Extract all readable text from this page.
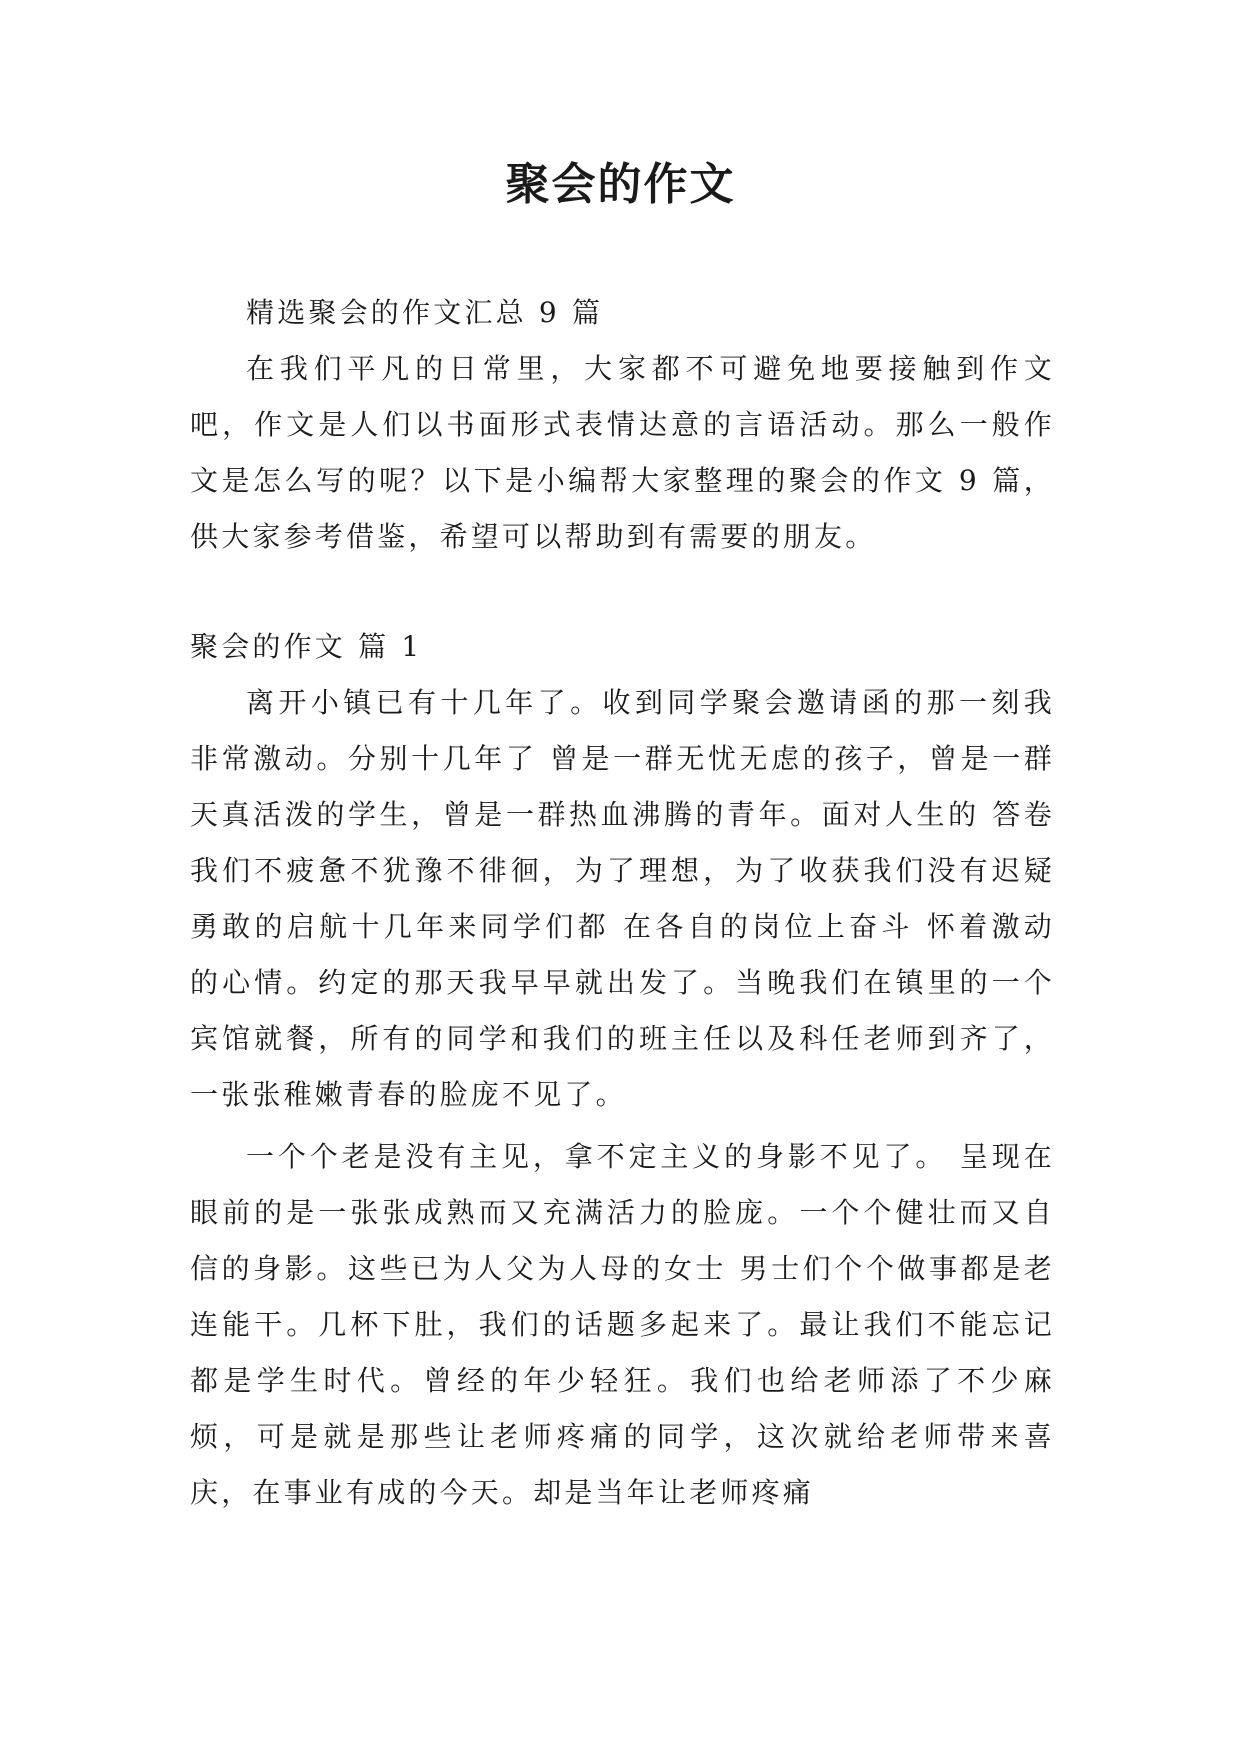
聚会的作文

精选聚会的作文汇总 9 篇

在我们平凡的日常里，大家都不可避免地要接触到作文吧，作文是人们以书面形式表情达意的言语活动。那么一般作文是怎么写的呢？以下是小编帮大家整理的聚会的作文 9 篇，供大家参考借鉴，希望可以帮助到有需要的朋友。

聚会的作文 篇 1

离开小镇已有十几年了。收到同学聚会邀请函的那一刻我非常激动。分别十几年了 曾是一群无忧无虑的孩子，曾是一群天真活泼的学生，曾是一群热血沸腾的青年。面对人生的 答卷我们不疲惫不犹豫不徘徊，为了理想，为了收获我们没有迟疑勇敢的启航十几年来同学们都 在各自的岗位上奋斗 怀着激动的心情。约定的那天我早早就出发了。当晚我们在镇里的一个宾馆就餐，所有的同学和我们的班主任以及科任老师到齐了，一张张稚嫩青春的脸庞不见了。

一个个老是没有主见，拿不定主义的身影不见了。 呈现在眼前的是一张张成熟而又充满活力的脸庞。一个个健壮而又自信的身影。这些已为人父为人母的女士 男士们个个做事都是老连能干。几杯下肚，我们的话题多起来了。最让我们不能忘记都是学生时代。曾经的年少轻狂。我们也给老师添了不少麻烦，可是就是那些让老师疼痛的同学，这次就给老师带来喜庆，在事业有成的今天。却是当年让老师疼痛
